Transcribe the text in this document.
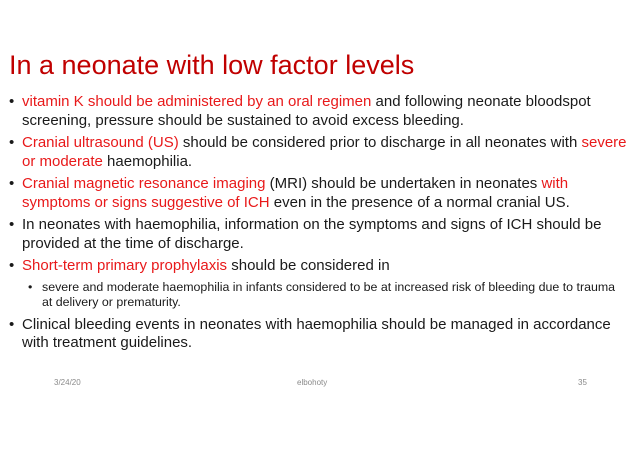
In a neonate with low factor levels
• vitamin K should be administered by an oral regimen and following neonate bloodspot screening, pressure should be sustained to avoid excess bleeding.
• Cranial ultrasound (US) should be considered prior to discharge in all neonates with severe or moderate haemophilia.
• Cranial magnetic resonance imaging (MRI) should be undertaken in neonates with symptoms or signs suggestive of ICH even in the presence of a normal cranial US.
• In neonates with haemophilia, information on the symptoms and signs of ICH should be provided at the time of discharge.
• Short-term primary prophylaxis should be considered in
• severe and moderate haemophilia in infants considered to be at increased risk of bleeding due to trauma at delivery or prematurity.
• Clinical bleeding events in neonates with haemophilia should be managed in accordance with treatment guidelines.
3/24/20	elbohoty	35
